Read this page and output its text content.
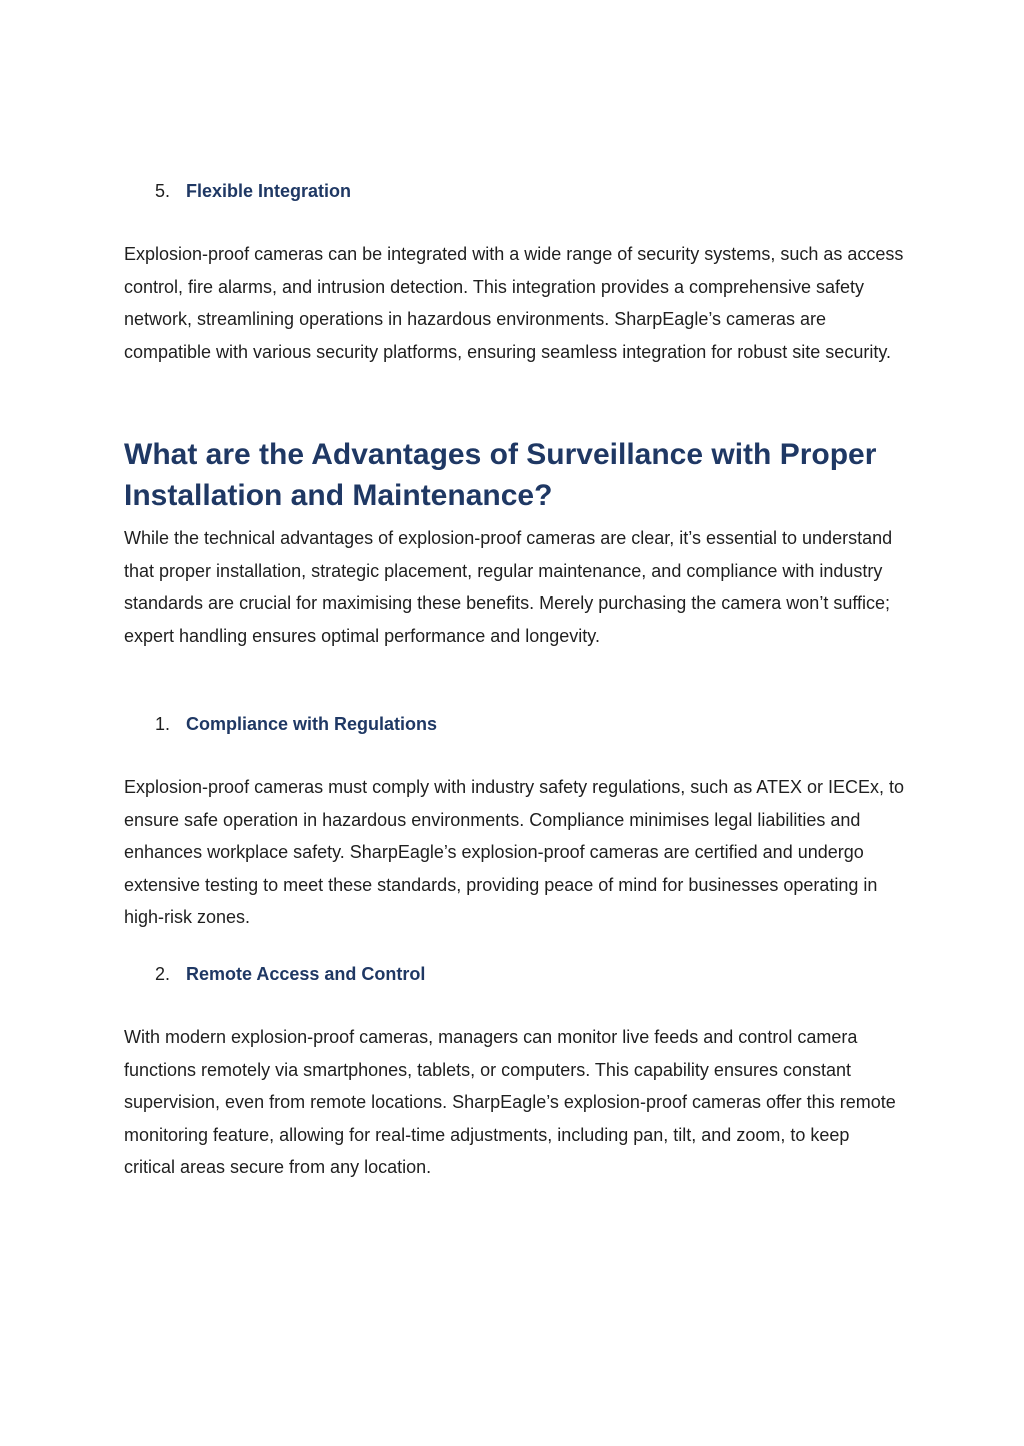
5. Flexible Integration

Explosion-proof cameras can be integrated with a wide range of security systems, such as access control, fire alarms, and intrusion detection. This integration provides a comprehensive safety network, streamlining operations in hazardous environments. SharpEagle’s cameras are compatible with various security platforms, ensuring seamless integration for robust site security.

What are the Advantages of Surveillance with Proper Installation and Maintenance?

While the technical advantages of explosion-proof cameras are clear, it’s essential to understand that proper installation, strategic placement, regular maintenance, and compliance with industry standards are crucial for maximising these benefits. Merely purchasing the camera won’t suffice; expert handling ensures optimal performance and longevity.

1. Compliance with Regulations

Explosion-proof cameras must comply with industry safety regulations, such as ATEX or IECEx, to ensure safe operation in hazardous environments. Compliance minimises legal liabilities and enhances workplace safety. SharpEagle’s explosion-proof cameras are certified and undergo extensive testing to meet these standards, providing peace of mind for businesses operating in high-risk zones.

2. Remote Access and Control

With modern explosion-proof cameras, managers can monitor live feeds and control camera functions remotely via smartphones, tablets, or computers. This capability ensures constant supervision, even from remote locations. SharpEagle’s explosion-proof cameras offer this remote monitoring feature, allowing for real-time adjustments, including pan, tilt, and zoom, to keep critical areas secure from any location.
